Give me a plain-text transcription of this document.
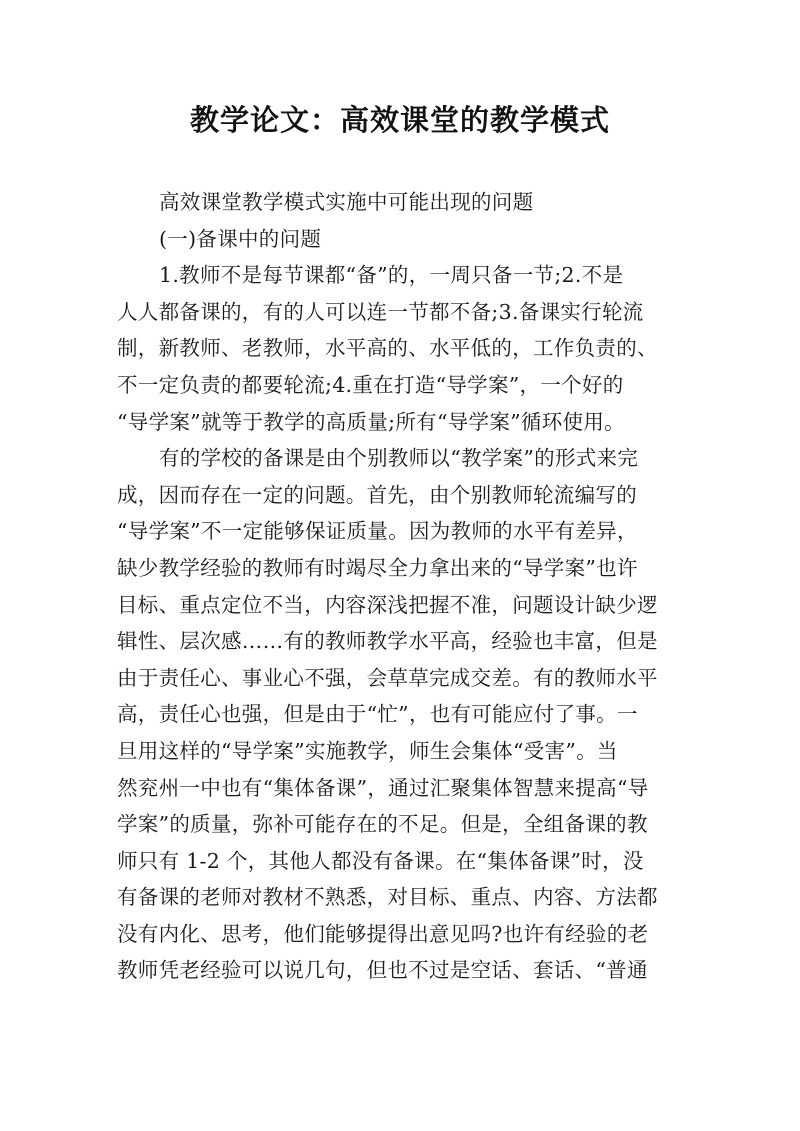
教学论文：高效课堂的教学模式
高效课堂教学模式实施中可能出现的问题
(一)备课中的问题
1.教师不是每节课都“备”的，一周只备一节;2.不是
人人都备课的，有的人可以连一节都不备;3.备课实行轮流
制，新教师、老教师，水平高的、水平低的，工作负责的、
不一定负责的都要轮流;4.重在打造“导学案”，一个好的
“导学案”就等于教学的高质量;所有“导学案”循环使用。
有的学校的备课是由个别教师以“教学案”的形式来完
成，因而存在一定的问题。首先，由个别教师轮流编写的
“导学案”不一定能够保证质量。因为教师的水平有差异，
缺少教学经验的教师有时竭尽全力拿出来的“导学案”也许
目标、重点定位不当，内容深浅把握不准，问题设计缺少逻
辑性、层次感……有的教师教学水平高，经验也丰富，但是
由于责任心、事业心不强，会草草完成交差。有的教师水平
高，责任心也强，但是由于“忙”，也有可能应付了事。一
旦用这样的“导学案”实施教学，师生会集体“受害”。当
然兖州一中也有“集体备课”，通过汇聚集体智慧来提高“导
学案”的质量，弥补可能存在的不足。但是，全组备课的教
师只有 1-2 个，其他人都没有备课。在“集体备课”时，没
有备课的老师对教材不熟悉，对目标、重点、内容、方法都
没有内化、思考，他们能够提得出意见吗?也许有经验的老
教师凭老经验可以说几句，但也不过是空话、套话、“普通
